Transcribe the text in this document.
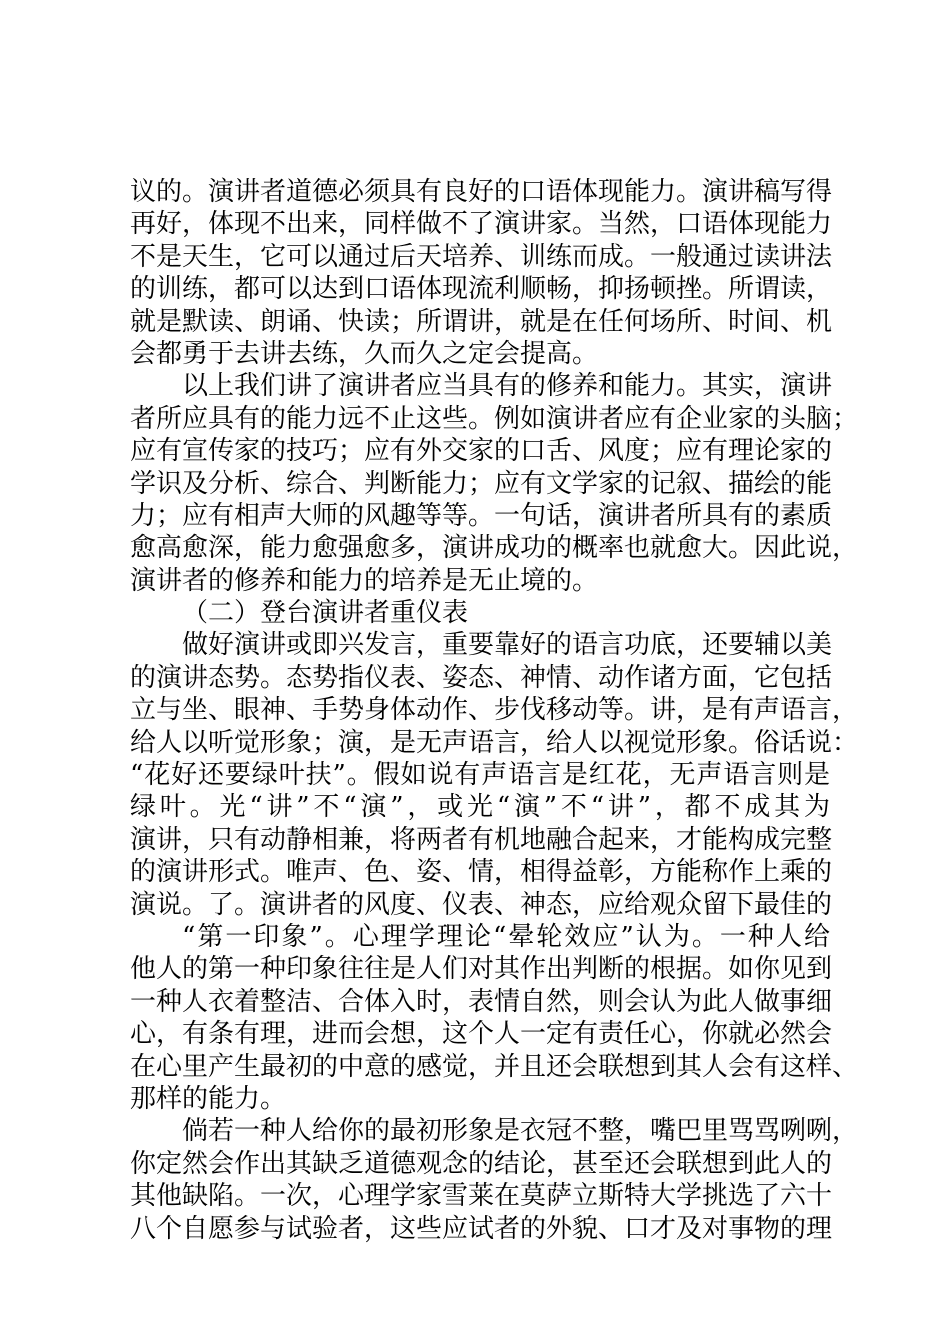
议的。演讲者道德必须具有良好的口语体现能力。演讲稿写得
再好，体现不出来，同样做不了演讲家。当然，口语体现能力
不是天生，它可以通过后天培养、训练而成。一般通过读讲法
的训练，都可以达到口语体现流利顺畅，抑扬顿挫。所谓读，
就是默读、朗诵、快读；所谓讲，就是在任何场所、时间、机
会都勇于去讲去练，久而久之定会提高。
以上我们讲了演讲者应当具有的修养和能力。其实，演讲
者所应具有的能力远不止这些。例如演讲者应有企业家的头脑；
应有宣传家的技巧；应有外交家的口舌、风度；应有理论家的
学识及分析、综合、判断能力；应有文学家的记叙、描绘的能
力；应有相声大师的风趣等等。一句话，演讲者所具有的素质
愈高愈深，能力愈强愈多，演讲成功的概率也就愈大。因此说，
演讲者的修养和能力的培养是无止境的。
（二）登台演讲者重仪表
做好演讲或即兴发言，重要靠好的语言功底，还要辅以美
的演讲态势。态势指仪表、姿态、神情、动作诸方面，它包括
立与坐、眼神、手势身体动作、步伐移动等。讲，是有声语言，
给人以听觉形象；演，是无声语言，给人以视觉形象。俗话说：
“花好还要绿叶扶”。假如说有声语言是红花，无声语言则是
绿叶。光“讲”不“演”，或光“演”不“讲”，都不成其为
演讲，只有动静相兼，将两者有机地融合起来，才能构成完整
的演讲形式。唯声、色、姿、情，相得益彰，方能称作上乘的
演说。了。演讲者的风度、仪表、神态，应给观众留下最佳的
“第一印象”。心理学理论“晕轮效应”认为。一种人给
他人的第一种印象往往是人们对其作出判断的根据。如你见到
一种人衣着整洁、合体入时，表情自然，则会认为此人做事细
心，有条有理，进而会想，这个人一定有责任心，你就必然会
在心里产生最初的中意的感觉，并且还会联想到其人会有这样、
那样的能力。
倘若一种人给你的最初形象是衣冠不整，嘴巴里骂骂咧咧，
你定然会作出其缺乏道德观念的结论，甚至还会联想到此人的
其他缺陷。一次，心理学家雪莱在莫萨立斯特大学挑选了六十
八个自愿参与试验者，这些应试者的外貌、口才及对事物的理
